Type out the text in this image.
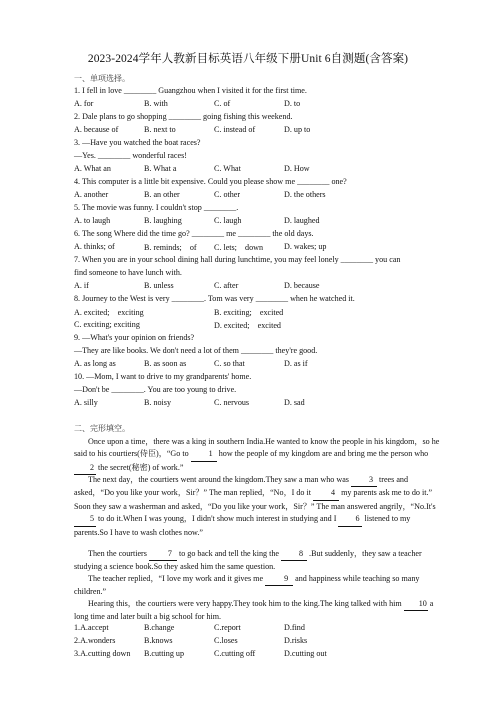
2023-2024学年人教新目标英语八年级下册Unit 6自测题(含答案)
一、单项选择。
1. I fell in love ________ Guangzhou when I visited it for the first time.
A. for	B. with	C. of	D. to
2. Dale plans to go shopping ________ going fishing this weekend.
A. because of	B. next to	C. instead of	D. up to
3. —Have you watched the boat races?
—Yes. ________ wonderful races!
A. What an	B. What a	C. What	D. How
4. This computer is a little bit expensive. Could you please show me ________ one?
A. another	B. an other	C. other	D. the others
5. The movie was funny. I couldn't stop ________.
A. to laugh	B. laughing	C. laugh	D. laughed
6. The song Where did the time go? ________ me ________ the old days.
A. thinks; of	B. reminds;　of C. lets;　down	D. wakes; up
7. When you are in your school dining hall during lunchtime, you may feel lonely ________ you can
find someone to have lunch with.
A. if	B. unless	C. after	D. because
8. Journey to the West is very ________. Tom was very ________ when he watched it.
A. excited;　exciting	B. exciting;　excited
C. exciting; exciting	D. excited;　excited
9. —What's your opinion on friends?
—They are like books. We don't need a lot of them ________ they're good.
A. as long as	B. as soon as	C. so that	D. as if
10. —Mom, I want to drive to my grandparents' home.
—Don't be ________. You are too young to drive.
A. silly	B. noisy	C. nervous	D. sad
二、完形填空。
Once upon a time，there was a king in southern India.He wanted to know the people in his kingdom，so he said to his courtiers(侍臣)，“Go to 1 how the people of my kingdom are and bring me the person who 2 the secret(秘密) of work.”
The next day，the courtiers went around the kingdom.They saw a man who was 3 trees and asked，“Do you like your work，Sir？” The man replied，“No，I do it 4 my parents ask me to do it.” Soon they saw a washerman and asked，“Do you like your work，Sir？” The man answered angrily，“No.It's 5 to do it.When I was young，I didn't show much interest in studying and I 6 listened to my parents.So I have to wash clothes now.”
Then the courtiers	7 to go back and tell the king the 8 .But suddenly，they saw a teacher studying a science book.So they asked him the same question.
The teacher replied，“I love my work and it gives me	9 and happiness while teaching so many children.”
Hearing this，the courtiers were very happy.They took him to the king.The king talked with him 10 a long time and later built a big school for him.
1.A.accept	B.change	C.report	D.find
2.A.wonders	B.knows	C.loses	D.risks
3.A.cutting down B.cutting up	C.cutting off	D.cutting out
